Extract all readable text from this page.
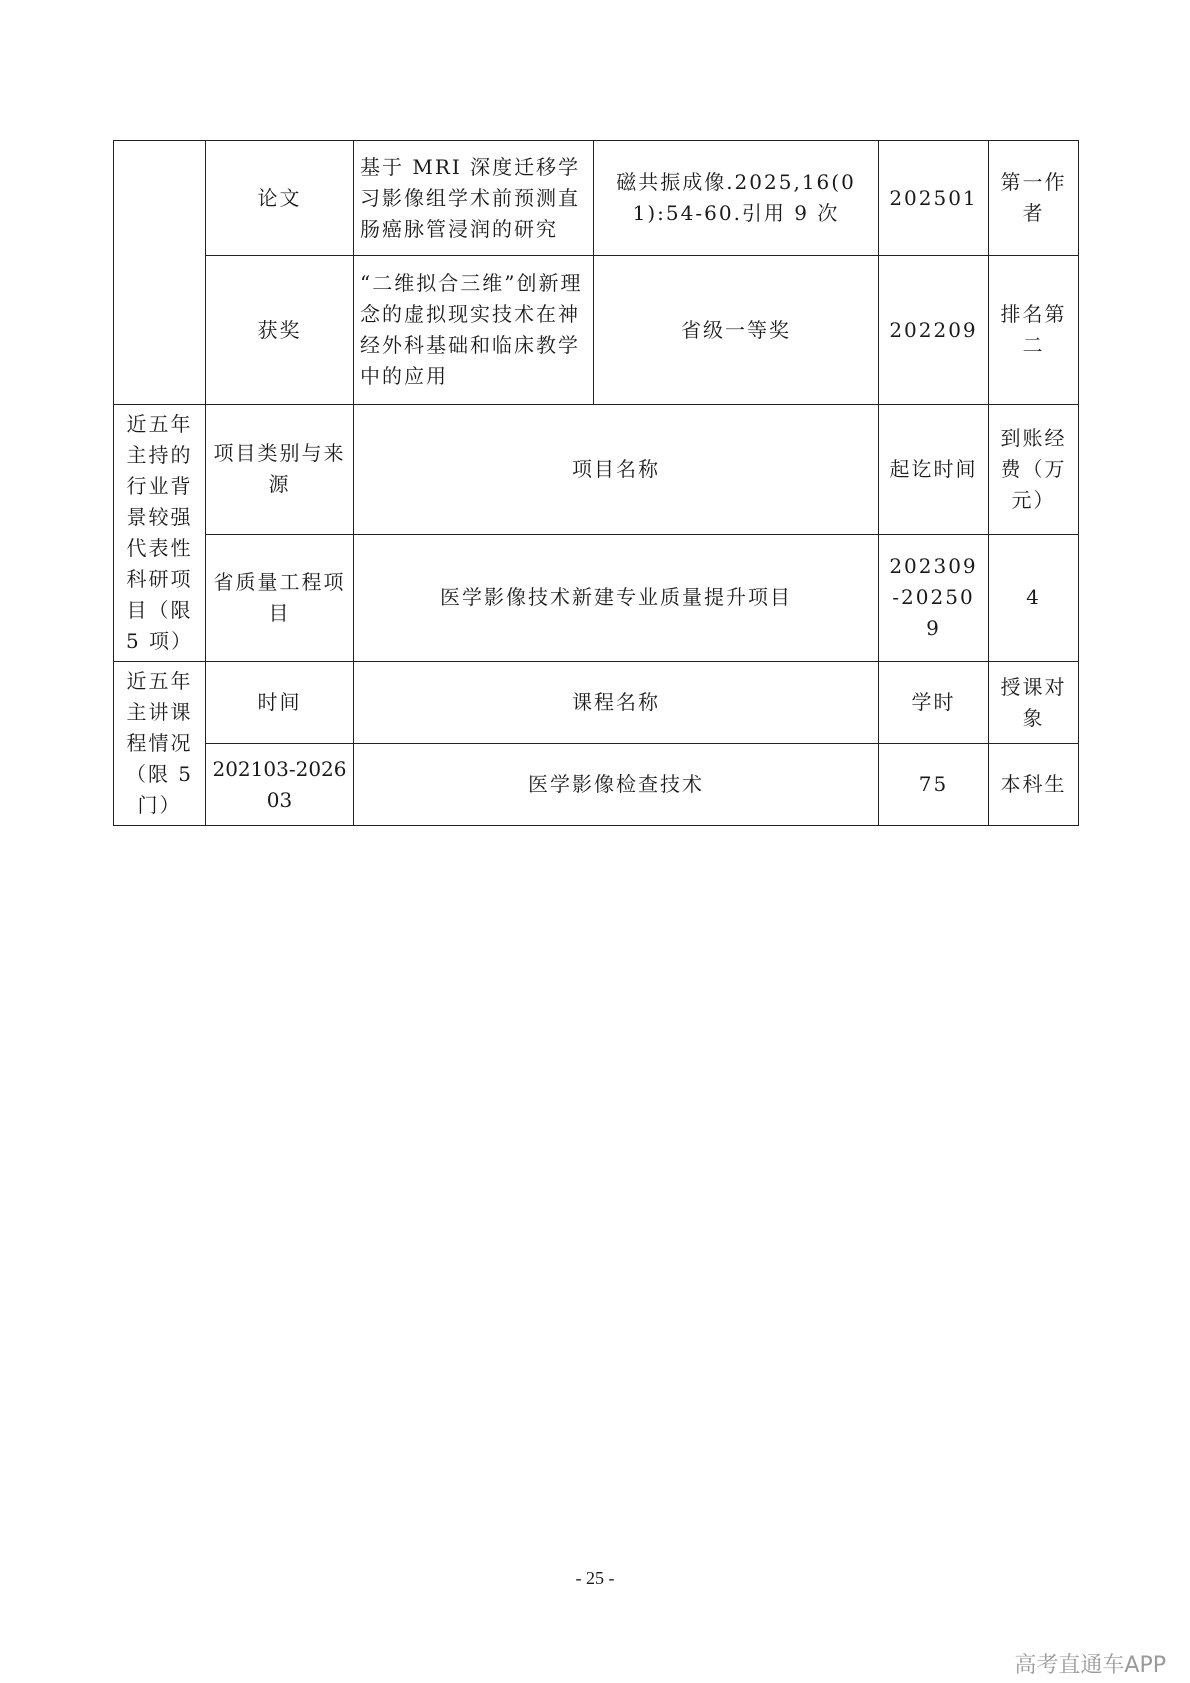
	论文	基于 MRI 深度迁移学习影像组学术前预测直肠癌脉管浸润的研究	磁共振成像.2025,16(01):54-60.引用 9 次	202501	第一作者
	获奖	“二维拟合三维”创新理念的虚拟现实技术在神经外科基础和临床教学中的应用	省级一等奖	202209	排名第二
近五年主持的行业背景较强代表性科研项目（限 5 项）	项目类别与来源	项目名称		起讫时间	到账经费（万元）
	省质量工程项目	医学影像技术新建专业质量提升项目		202309-202509	4
近五年主讲课程情况（限 5 门）	时间	课程名称		学时	授课对象
	202103-202603	医学影像检查技术		75	本科生
- 25 -
高考直通车APP
